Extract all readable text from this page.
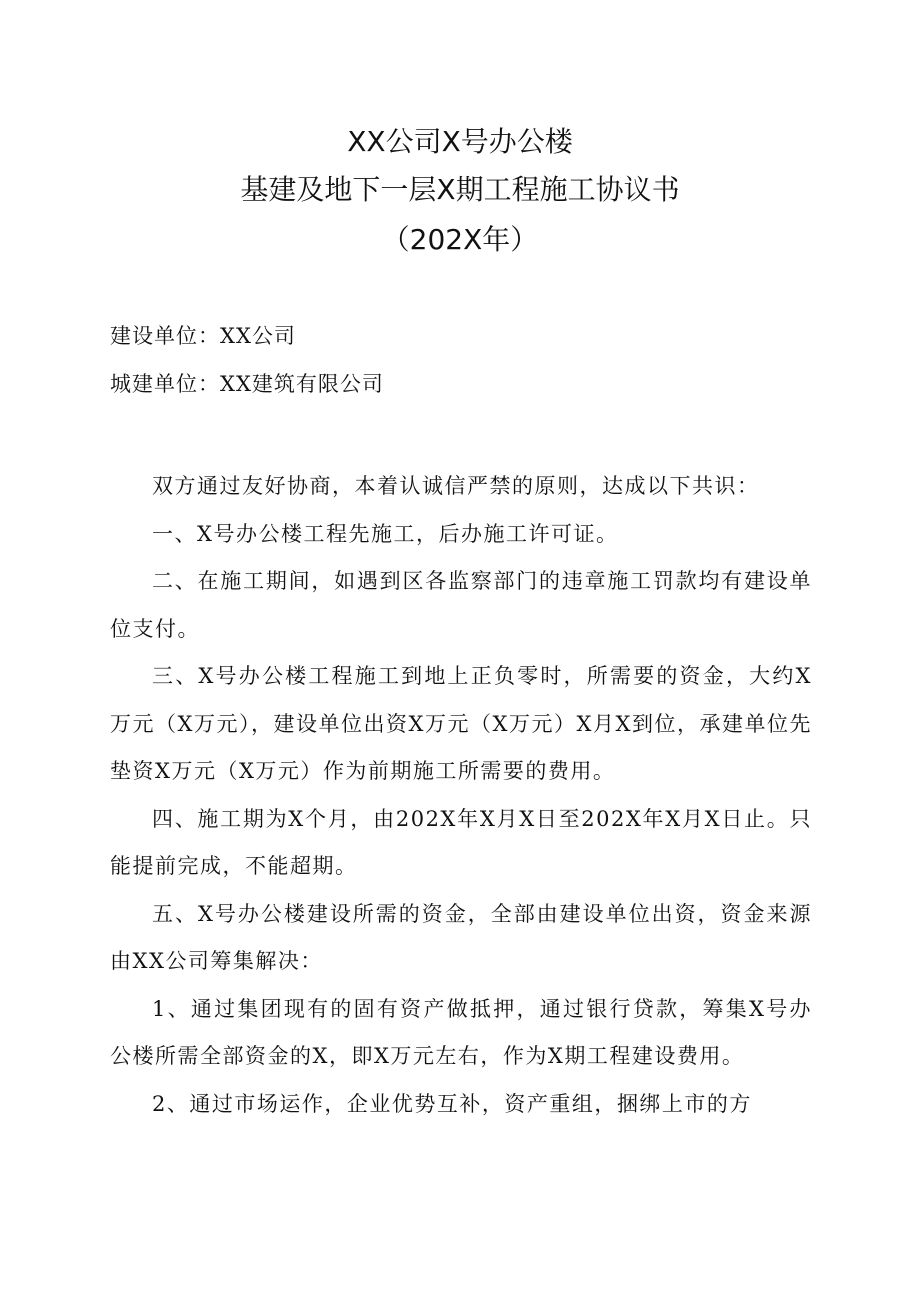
XX公司X号办公楼
基建及地下一层X期工程施工协议书
（202X年）
建设单位：XX公司
城建单位：XX建筑有限公司

双方通过友好协商，本着认诚信严禁的原则，达成以下共识：

一、X号办公楼工程先施工，后办施工许可证。

二、在施工期间，如遇到区各监察部门的违章施工罚款均有建设单位支付。

三、X号办公楼工程施工到地上正负零时，所需要的资金，大约X万元（X万元），建设单位出资X万元（X万元）X月X到位，承建单位先垫资X万元（X万元）作为前期施工所需要的费用。

四、施工期为X个月，由202X年X月X日至202X年X月X日止。只能提前完成，不能超期。

五、X号办公楼建设所需的资金，全部由建设单位出资，资金来源由XX公司筹集解决：

1、通过集团现有的固有资产做抵押，通过银行贷款，筹集X号办公楼所需全部资金的X，即X万元左右，作为X期工程建设费用。

2、通过市场运作，企业优势互补，资产重组，捆绑上市的方
